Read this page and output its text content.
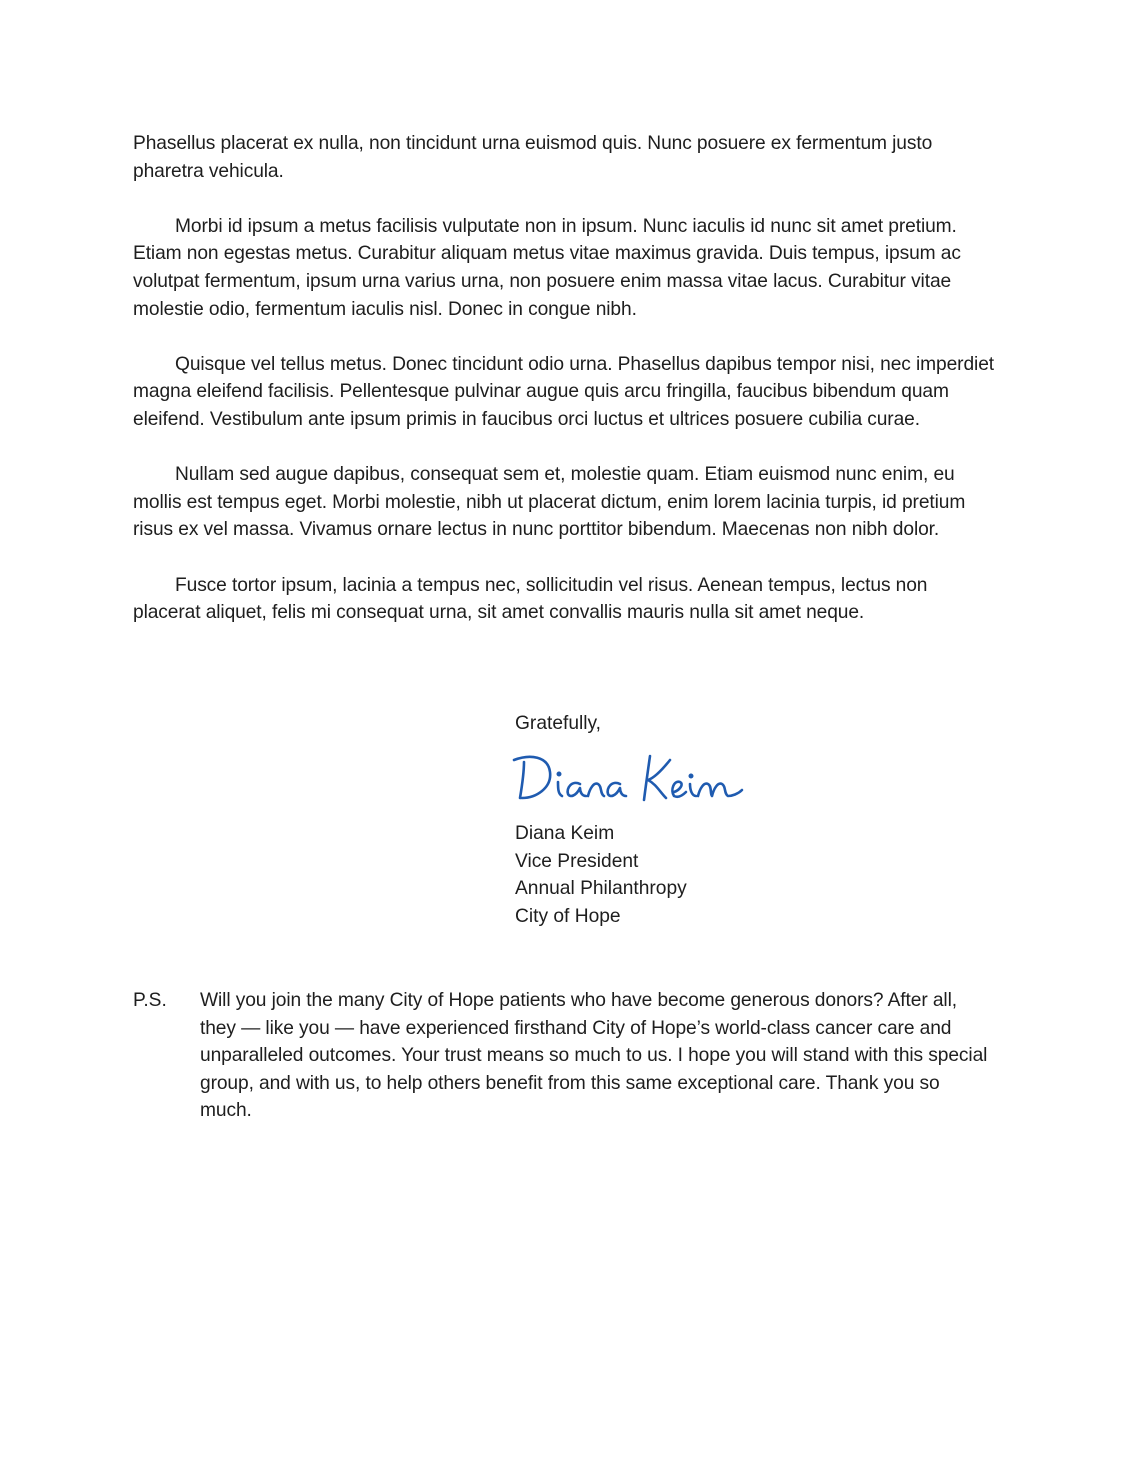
Phasellus placerat ex nulla, non tincidunt urna euismod quis. Nunc posuere ex fermentum justo pharetra vehicula.

Morbi id ipsum a metus facilisis vulputate non in ipsum. Nunc iaculis id nunc sit amet pretium. Etiam non egestas metus. Curabitur aliquam metus vitae maximus gravida. Duis tempus, ipsum ac volutpat fermentum, ipsum urna varius urna, non posuere enim massa vitae lacus. Curabitur vitae molestie odio, fermentum iaculis nisl. Donec in congue nibh.

Quisque vel tellus metus. Donec tincidunt odio urna. Phasellus dapibus tempor nisi, nec imperdiet magna eleifend facilisis. Pellentesque pulvinar augue quis arcu fringilla, faucibus bibendum quam eleifend. Vestibulum ante ipsum primis in faucibus orci luctus et ultrices posuere cubilia curae.

Nullam sed augue dapibus, consequat sem et, molestie quam. Etiam euismod nunc enim, eu mollis est tempus eget. Morbi molestie, nibh ut placerat dictum, enim lorem lacinia turpis, id pretium risus ex vel massa. Vivamus ornare lectus in nunc porttitor bibendum. Maecenas non nibh dolor.

Fusce tortor ipsum, lacinia a tempus nec, sollicitudin vel risus. Aenean tempus, lectus non placerat aliquet, felis mi consequat urna, sit amet convallis mauris nulla sit amet neque.

Gratefully,
Diana Keim
Vice President
Annual Philanthropy
City of Hope
P.S. Will you join the many City of Hope patients who have become generous donors? After all, they — like you — have experienced firsthand City of Hope’s world-class cancer care and unparalleled outcomes. Your trust means so much to us. I hope you will stand with this special group, and with us, to help others benefit from this same exceptional care. Thank you so much.
